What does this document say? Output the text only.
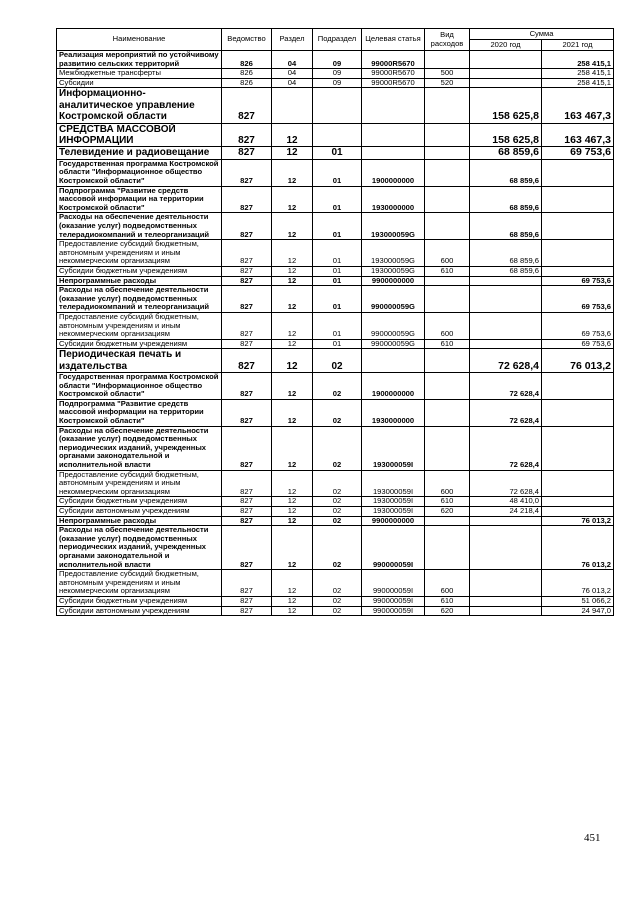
Наименование	Ведомство	Раздел	Подраздел	Целевая статья	Вид расходов	Сумма	
						2020 год	2021 год
Реализация мероприятий по устойчивому развитию сельских территорий	826	04	09	99000R5670			258 415,1
Межбюджетные трансферты	826	04	09	99000R5670	500		258 415,1
Субсидии	826	04	09	99000R5670	520		258 415,1
Информационно-аналитическое управление Костромской области	827					158 625,8	163 467,3
СРЕДСТВА МАССОВОЙ ИНФОРМАЦИИ	827	12				158 625,8	163 467,3
Телевидение и радиовещание	827	12	01			68 859,6	69 753,6
Государственная программа Костромской области "Информационное общество Костромской области"	827	12	01	1900000000		68 859,6	
Подпрограмма "Развитие средств массовой информации на территории Костромской области"	827	12	01	1930000000		68 859,6	
Расходы на обеспечение деятельности (оказание услуг) подведомственных телерадиокомпаний и телеорганизаций	827	12	01	193000059G		68 859,6	
Предоставление субсидий бюджетным, автономным учреждениям и иным некоммерческим организациям	827	12	01	193000059G	600	68 859,6	
Субсидии бюджетным учреждениям	827	12	01	193000059G	610	68 859,6	
Непрограммные расходы	827	12	01	9900000000			69 753,6
Расходы на обеспечение деятельности (оказание услуг) подведомственных телерадиокомпаний и телеорганизаций	827	12	01	990000059G			69 753,6
Предоставление субсидий бюджетным, автономным учреждениям и иным некоммерческим организациям	827	12	01	990000059G	600		69 753,6
Субсидии бюджетным учреждениям	827	12	01	990000059G	610		69 753,6
Периодическая печать и издательства	827	12	02			72 628,4	76 013,2
Государственная программа Костромской области "Информационное общество Костромской области"	827	12	02	1900000000		72 628,4	
Подпрограмма "Развитие средств массовой информации на территории Костромской области"	827	12	02	1930000000		72 628,4	
Расходы на обеспечение деятельности (оказание услуг) подведомственных периодических изданий, учрежденных органами законодательной и исполнительной власти	827	12	02	193000059I		72 628,4	
Предоставление субсидий бюджетным, автономным учреждениям и иным некоммерческим организациям	827	12	02	193000059I	600	72 628,4	
Субсидии бюджетным учреждениям	827	12	02	193000059I	610	48 410,0	
Субсидии автономным учреждениям	827	12	02	193000059I	620	24 218,4	
Непрограммные расходы	827	12	02	9900000000			76 013,2
Расходы на обеспечение деятельности (оказание услуг) подведомственных периодических изданий, учрежденных органами законодательной и исполнительной власти	827	12	02	990000059I			76 013,2
Предоставление субсидий бюджетным, автономным учреждениям и иным некоммерческим организациям	827	12	02	990000059I	600		76 013,2
Субсидии бюджетным учреждениям	827	12	02	990000059I	610		51 066,2
Субсидии автономным учреждениям	827	12	02	990000059I	620		24 947,0
451
